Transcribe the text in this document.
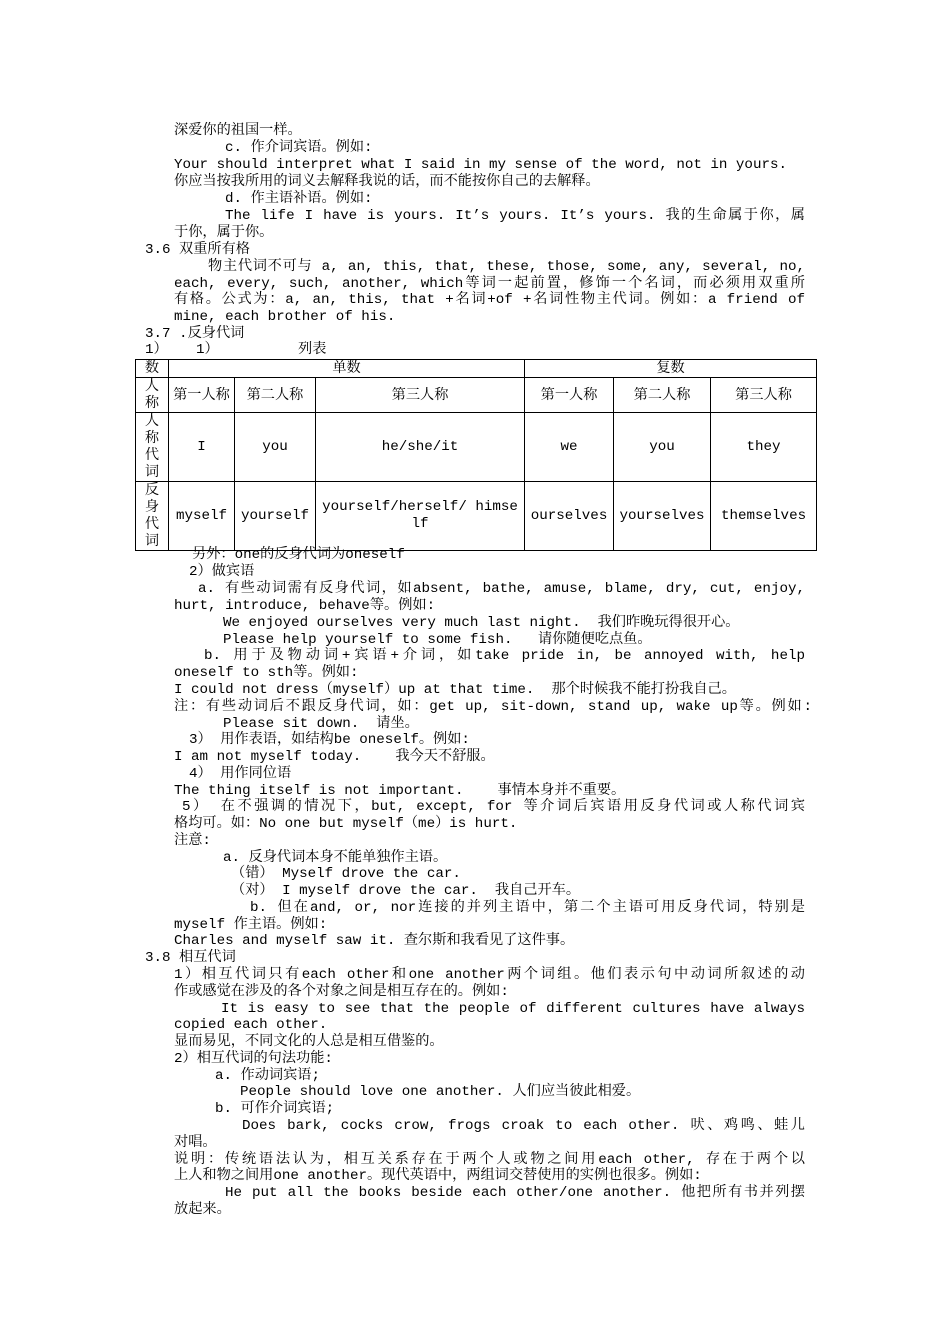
深爱你的祖国一样。
c. 作介词宾语。例如:
Your should interpret what I said in my sense of the word, not in yours.
你应当按我所用的词义去解释我说的话，而不能按你自己的去解释。
d. 作主语补语。例如:
The life I have is yours. It’s yours. It’s yours. 我的生命属于你，属
于你，属于你。
3.6 双重所有格
物主代词不可与 a, an, this, that, these, those, some, any, several, no,
each, every, such, another, which等词一起前置，修饰一个名词，而必须用双重所
有格。公式为：a, an, this, that +名词+of +名词性物主代词。例如：a friend of
mine, each brother of his.
3.7 .反身代词
1） 1）	列表
数	单数			复数		
人称	第一人称	第二人称	第三人称	第一人称	第二人称	第三人称
人称代词	I	you	he/she/it	we	you	they
反身代词	myself	yourself	yourself/herself/ himself	ourselves	yourselves	themselves
另外：one的反身代词为oneself
2）做宾语
a. 有些动词需有反身代词，如absent, bathe, amuse, blame, dry, cut, enjoy,
hurt, introduce, behave等。例如:
We enjoyed ourselves very much last night.  我们昨晚玩得很开心。
Please help yourself to some fish.   请你随便吃点鱼。
b. 用于及物动词+宾语+介词，如take pride in, be annoyed with, help
oneself to sth等。例如:
I could not dress（myself）up at that time.  那个时候我不能打扮我自己。
注：有些动词后不跟反身代词，如：get up, sit-down, stand up, wake up等。例如:
Please sit down.  请坐。
3） 用作表语，如结构be oneself。例如:
I am not myself today.    我今天不舒服。
4） 用作同位语
The thing itself is not important.    事情本身并不重要。
5） 在不强调的情况下，but, except, for 等介词后宾语用反身代词或人称代词宾
格均可。如：No one but myself（me）is hurt.
注意:
a. 反身代词本身不能单独作主语。
（错） Myself drove the car.
（对） I myself drove the car.  我自己开车。
b. 但在and, or, nor连接的并列主语中，第二个主语可用反身代词，特别是
myself 作主语。例如:
Charles and myself saw it. 查尔斯和我看见了这件事。
3.8 相互代词
1）相互代词只有each other和one another两个词组。他们表示句中动词所叙述的动
作或感觉在涉及的各个对象之间是相互存在的。例如:
It is easy to see that the people of different cultures have always
copied each other.
显而易见，不同文化的人总是相互借鉴的。
2）相互代词的句法功能:
a. 作动词宾语;
People should love one another. 人们应当彼此相爱。
b. 可作介词宾语;
Does bark, cocks crow, frogs croak to each other. 吠、鸡鸣、蛙儿
对唱。
说明：传统语法认为，相互关系存在于两个人或物之间用each other, 存在于两个以
上人和物之间用one another。现代英语中，两组词交替使用的实例也很多。例如:
He put all the books beside each other/one another. 他把所有书并列摆
放起来。
